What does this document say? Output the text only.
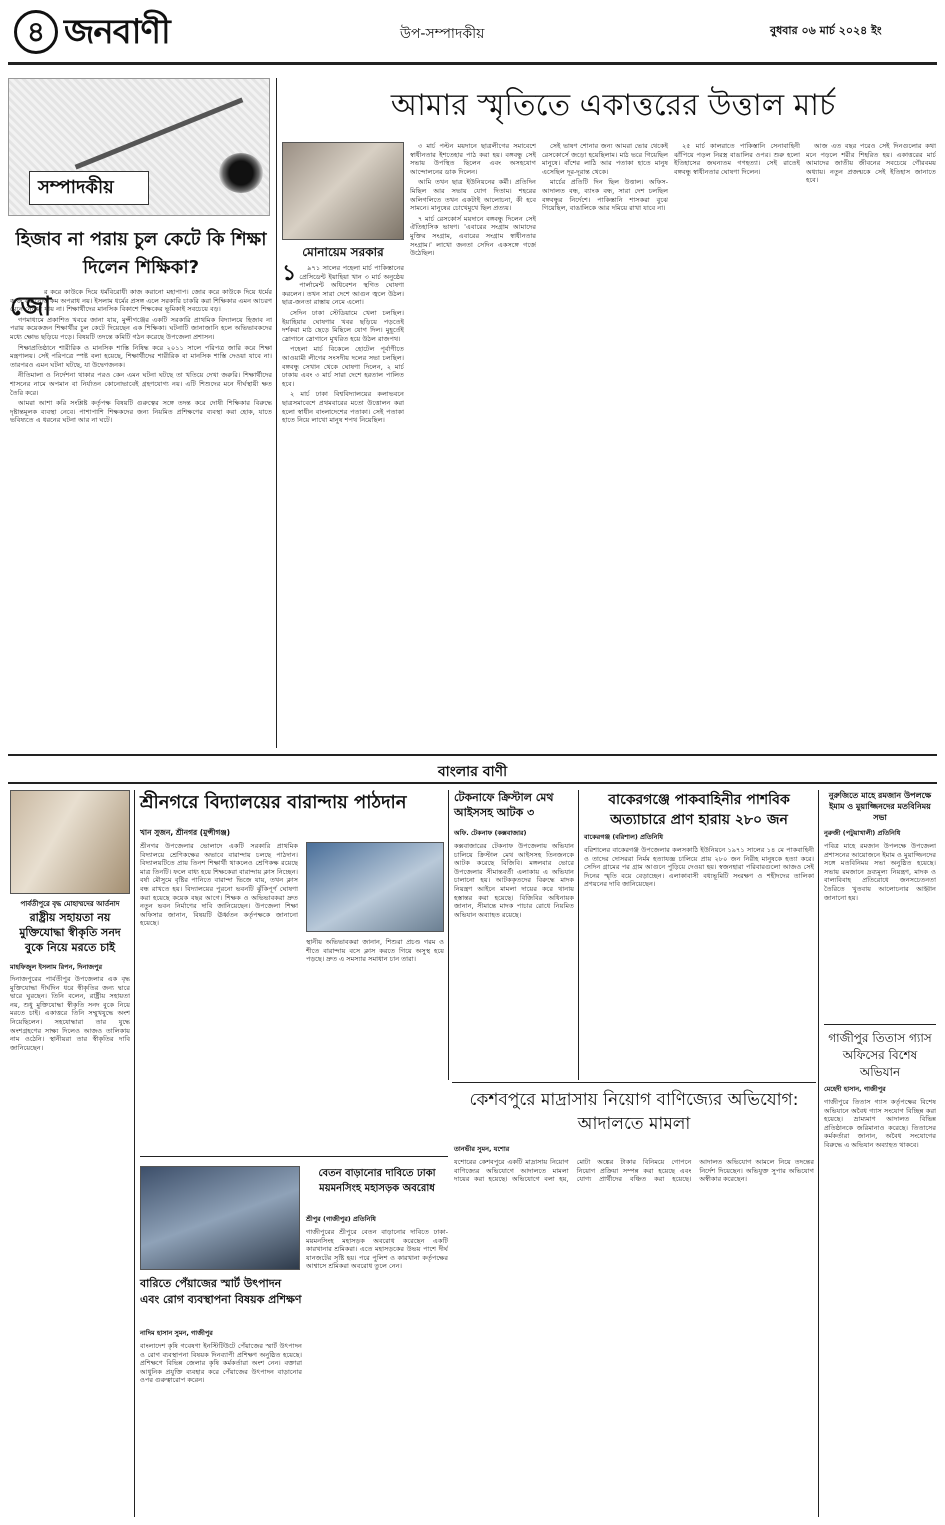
৪ জনবাণী	উপ-সম্পাদকীয়	বুধবার ০৬ মার্চ ২০২৪ ইং
সম্পাদকীয়
হিজাব না পরায় চুল কেটে কি শিক্ষা দিলেন শিক্ষিকা?
জো

র করে কাউকে দিয়ে ধর্মবিরোধী কাজ করানো মহাপাপ। জোর করে কাউকে দিয়ে ধর্মের কাজ করানোও কম অপরাধ নয়। ইসলাম ধর্মের প্রসঙ্গ এলে সরকারি চাকরি করা শিক্ষিকার এমন আচরণ মেনে নেওয়া যায় না। শিক্ষার্থীদের মানসিক বিকাশে শিক্ষকের ভূমিকাই সবচেয়ে বড়।

গণমাধ্যমে প্রকাশিত খবরে জানা যায়, মুন্সীগঞ্জের একটি সরকারি প্রাথমিক বিদ্যালয়ে হিজাব না পরায় কয়েকজন শিক্ষার্থীর চুল কেটে দিয়েছেন এক শিক্ষিকা। ঘটনাটি জানাজানি হলে অভিভাবকদের মধ্যে ক্ষোভ ছড়িয়ে পড়ে। বিষয়টি তদন্তে কমিটি গঠন করেছে উপজেলা প্রশাসন।

শিক্ষাপ্রতিষ্ঠানে শারীরিক ও মানসিক শাস্তি নিষিদ্ধ করে ২০১১ সালে পরিপত্র জারি করে শিক্ষা মন্ত্রণালয়। সেই পরিপত্রে স্পষ্ট বলা হয়েছে, শিক্ষার্থীদের শারীরিক বা মানসিক শাস্তি দেওয়া যাবে না। তারপরও এমন ঘটনা ঘটছে, যা উদ্বেগজনক।

নীতিমালা ও নির্দেশনা থাকার পরও কেন এমন ঘটনা ঘটছে তা খতিয়ে দেখা জরুরি। শিক্ষার্থীদের শাসনের নামে অপমান বা নির্যাতন কোনোভাবেই গ্রহণযোগ্য নয়। এটি শিশুদের মনে দীর্ঘস্থায়ী ক্ষত তৈরি করে।

আমরা আশা করি সংশ্লিষ্ট কর্তৃপক্ষ বিষয়টি গুরুত্বের সঙ্গে তদন্ত করে দোষী শিক্ষিকার বিরুদ্ধে দৃষ্টান্তমূলক ব্যবস্থা নেবে। পাশাপাশি শিক্ষকদের জন্য নিয়মিত প্রশিক্ষণের ব্যবস্থা করা হোক, যাতে ভবিষ্যতে এ ধরনের ঘটনা আর না ঘটে।

আমার স্মৃতিতে একাত্তরের উত্তাল মার্চ
মোনায়েম সরকার
১	৯৭১ সালের পহেলা মার্চ পাকিস্তানের প্রেসিডেন্ট ইয়াহিয়া খান ৩ মার্চ অনুষ্ঠেয় পার্লামেন্ট অধিবেশন স্থগিত ঘোষণা করলেন। তখন সারা দেশে আগুন জ্বলে উঠল। ছাত্র-জনতা রাস্তায় নেমে এলো।

সেদিন ঢাকা স্টেডিয়ামে খেলা চলছিল। ইয়াহিয়ার ঘোষণার খবর ছড়িয়ে পড়তেই দর্শকরা মাঠ ছেড়ে মিছিলে যোগ দিল। মুহূর্তেই স্লোগানে স্লোগানে মুখরিত হয়ে উঠল রাজপথ।

পহেলা মার্চ বিকেলে হোটেল পূর্বাণীতে আওয়ামী লীগের সংসদীয় দলের সভা চলছিল। বঙ্গবন্ধু সেখান থেকে ঘোষণা দিলেন, ২ মার্চ ঢাকায় এবং ৩ মার্চ সারা দেশে হরতাল পালিত হবে।

২ মার্চ ঢাকা বিশ্ববিদ্যালয়ের কলাভবনে ছাত্রসমাবেশে প্রথমবারের মতো উত্তোলন করা হলো স্বাধীন বাংলাদেশের পতাকা। সেই পতাকা হাতে নিয়ে লাখো মানুষ শপথ নিয়েছিল।

৩ মার্চ পল্টন ময়দানে ছাত্রলীগের সমাবেশে স্বাধীনতার ইশতেহার পাঠ করা হয়। বঙ্গবন্ধু সেই সভায় উপস্থিত ছিলেন এবং অসহযোগ আন্দোলনের ডাক দিলেন।

আমি তখন ছাত্র ইউনিয়নের কর্মী। প্রতিদিন মিছিল আর সভায় যোগ দিতাম। শহরের অলিগলিতে তখন একটাই আলোচনা, কী হবে সামনে। মানুষের চোখেমুখে ছিল প্রত্যয়।

৭ মার্চ রেসকোর্স ময়দানে বঙ্গবন্ধু দিলেন সেই ঐতিহাসিক ভাষণ। 'এবারের সংগ্রাম আমাদের মুক্তির সংগ্রাম, এবারের সংগ্রাম স্বাধীনতার সংগ্রাম।' লাখো জনতা সেদিন একসঙ্গে গর্জে উঠেছিল।

সেই ভাষণ শোনার জন্য আমরা ভোর থেকেই রেসকোর্সে জড়ো হয়েছিলাম। মাঠ ভরে গিয়েছিল মানুষে। বাঁশের লাঠি আর পতাকা হাতে মানুষ এসেছিল দূর-দূরান্ত থেকে।

মার্চের প্রতিটি দিন ছিল উত্তাল। অফিস-আদালত বন্ধ, ব্যাংক বন্ধ, সারা দেশ চলছিল বঙ্গবন্ধুর নির্দেশে। পাকিস্তানি শাসকরা বুঝে গিয়েছিল, বাঙালিকে আর দমিয়ে রাখা যাবে না।

২৫ মার্চ কালরাতে পাকিস্তানি সেনাবাহিনী ঝাঁপিয়ে পড়ল নিরস্ত্র বাঙালির ওপর। শুরু হলো ইতিহাসের জঘন্যতম গণহত্যা। সেই রাতেই বঙ্গবন্ধু স্বাধীনতার ঘোষণা দিলেন।

আজ এত বছর পরেও সেই দিনগুলোর কথা মনে পড়লে শরীর শিহরিত হয়। একাত্তরের মার্চ আমাদের জাতীয় জীবনের সবচেয়ে গৌরবময় অধ্যায়। নতুন প্রজন্মকে সেই ইতিহাস জানাতে হবে।

বাংলার বাণী
পার্বতীপুরে বৃদ্ধ মোহাম্মদের আর্তনাদ
রাষ্ট্রীয় সহায়তা নয় মুক্তিযোদ্ধা স্বীকৃতি সনদ বুকে নিয়ে মরতে চাই
মাহফিজুল ইসলাম রিপন, দিনাজপুর
দিনাজপুরের পার্বতীপুর উপজেলার এক বৃদ্ধ মুক্তিযোদ্ধা দীর্ঘদিন ধরে স্বীকৃতির জন্য দ্বারে দ্বারে ঘুরছেন। তিনি বলেন, রাষ্ট্রীয় সহায়তা নয়, শুধু মুক্তিযোদ্ধা স্বীকৃতি সনদ বুকে নিয়ে মরতে চাই। একাত্তরে তিনি সম্মুখযুদ্ধে অংশ নিয়েছিলেন। সহযোদ্ধারা তার যুদ্ধে অংশগ্রহণের সাক্ষ্য দিলেও আজও তালিকায় নাম ওঠেনি। স্থানীয়রা তার স্বীকৃতির দাবি জানিয়েছেন।
শ্রীনগরে বিদ্যালয়ের বারান্দায় পাঠদান
খান সুজন, শ্রীনগর (মুন্সীগঞ্জ)
শ্রীনগর উপজেলার ভোলাদে একটি সরকারি প্রাথমিক বিদ্যালয়ে শ্রেণিকক্ষের অভাবে বারান্দায় চলছে পাঠদান। বিদ্যালয়টিতে প্রায় তিনশ শিক্ষার্থী থাকলেও শ্রেণিকক্ষ রয়েছে মাত্র তিনটি। ফলে বাধ্য হয়ে শিক্ষকেরা বারান্দায় ক্লাস নিচ্ছেন। বর্ষা মৌসুমে বৃষ্টির পানিতে বারান্দা ভিজে যায়, তখন ক্লাস বন্ধ রাখতে হয়। বিদ্যালয়ের পুরনো ভবনটি ঝুঁকিপূর্ণ ঘোষণা করা হয়েছে কয়েক বছর আগে। শিক্ষক ও অভিভাবকরা দ্রুত নতুন ভবন নির্মাণের দাবি জানিয়েছেন। উপজেলা শিক্ষা অফিসার জানান, বিষয়টি ঊর্ধ্বতন কর্তৃপক্ষকে জানানো হয়েছে।
স্থানীয় অভিভাবকরা জানান, শিশুরা প্রচণ্ড গরম ও শীতে বারান্দায় বসে ক্লাস করতে গিয়ে অসুস্থ হয়ে পড়ছে। দ্রুত এ সমস্যার সমাধান চান তারা।
টেকনাফে ক্রিস্টাল মেথ আইসসহ আটক ৩
অফি. টেকনাফ (কক্সবাজার)
কক্সবাজারের টেকনাফ উপজেলায় অভিযান চালিয়ে ক্রিস্টাল মেথ আইসসহ তিনজনকে আটক করেছে বিজিবি। মঙ্গলবার ভোরে উপজেলার সীমান্তবর্তী এলাকায় এ অভিযান চালানো হয়। আটককৃতদের বিরুদ্ধে মাদক নিয়ন্ত্রণ আইনে মামলা দায়ের করে থানায় হস্তান্তর করা হয়েছে। বিজিবির অধিনায়ক জানান, সীমান্তে মাদক পাচার রোধে নিয়মিত অভিযান অব্যাহত রয়েছে।
বাকেরগঞ্জে পাকবাহিনীর পাশবিক অত্যাচারে প্রাণ হারায় ২৮০ জন
বাকেরগঞ্জ (বরিশাল) প্রতিনিধি
বরিশালের বাকেরগঞ্জ উপজেলার কলসকাঠি ইউনিয়নে ১৯৭১ সালের ১৪ মে পাকবাহিনী ও তাদের দোসররা নির্মম হত্যাযজ্ঞ চালিয়ে প্রায় ২৮০ জন নিরীহ মানুষকে হত্যা করে। সেদিন গ্রামের পর গ্রাম আগুনে পুড়িয়ে দেওয়া হয়। স্বজনহারা পরিবারগুলো আজও সেই দিনের স্মৃতি বয়ে বেড়াচ্ছেন। এলাকাবাসী বধ্যভূমিটি সংরক্ষণ ও শহীদদের তালিকা প্রণয়নের দাবি জানিয়েছেন।
নুরুজিতে মাহে রমজান উপলক্ষে ইমাম ও মুয়াজ্জিনদের মতবিনিময় সভা
নুরুজী (পটুয়াখালী) প্রতিনিধি
পবিত্র মাহে রমজান উপলক্ষে উপজেলা প্রশাসনের আয়োজনে ইমাম ও মুয়াজ্জিনদের সঙ্গে মতবিনিময় সভা অনুষ্ঠিত হয়েছে। সভায় রমজানে দ্রব্যমূল্য নিয়ন্ত্রণ, মাদক ও বাল্যবিবাহ প্রতিরোধে জনসচেতনতা তৈরিতে খুতবায় আলোচনার আহ্বান জানানো হয়।
গাজীপুর তিতাস গ্যাস অফিসের বিশেষ অভিযান
মেহেদী হাসান, গাজীপুর
গাজীপুরে তিতাস গ্যাস কর্তৃপক্ষের বিশেষ অভিযানে অবৈধ গ্যাস সংযোগ বিচ্ছিন্ন করা হয়েছে। ভ্রাম্যমাণ আদালত বিভিন্ন প্রতিষ্ঠানকে জরিমানাও করেছে। তিতাসের কর্মকর্তারা জানান, অবৈধ সংযোগের বিরুদ্ধে এ অভিযান অব্যাহত থাকবে।
বেতন বাড়ানোর দাবিতে ঢাকা ময়মনসিংহ মহাসড়ক অবরোধ
শ্রীপুর (গাজীপুর) প্রতিনিধি
গাজীপুরের শ্রীপুরে বেতন বাড়ানোর দাবিতে ঢাকা-ময়মনসিংহ মহাসড়ক অবরোধ করেছেন একটি কারখানার শ্রমিকরা। এতে মহাসড়কের উভয় পাশে দীর্ঘ যানজটের সৃষ্টি হয়। পরে পুলিশ ও কারখানা কর্তৃপক্ষের আশ্বাসে শ্রমিকরা অবরোধ তুলে নেন।
বারিতে পেঁয়াজের স্মার্ট উৎপাদন এবং রোগ ব্যবস্থাপনা বিষয়ক প্রশিক্ষণ
নাদিম হাসান সুমন, গাজীপুর
বাংলাদেশ কৃষি গবেষণা ইনস্টিটিউটে পেঁয়াজের স্মার্ট উৎপাদন ও রোগ ব্যবস্থাপনা বিষয়ক দিনব্যাপী প্রশিক্ষণ অনুষ্ঠিত হয়েছে। প্রশিক্ষণে বিভিন্ন জেলার কৃষি কর্মকর্তারা অংশ নেন। বক্তারা আধুনিক প্রযুক্তি ব্যবহার করে পেঁয়াজের উৎপাদন বাড়ানোর ওপর গুরুত্বারোপ করেন।
কেশবপুরে মাদ্রাসায় নিয়োগ বাণিজ্যের অভিযোগ: আদালতে মামলা
তানভীর সুমন, যশোর
যশোরের কেশবপুরে একটি মাদ্রাসায় নিয়োগ বাণিজ্যের অভিযোগে আদালতে মামলা দায়ের করা হয়েছে। অভিযোগে বলা হয়, মোটা অঙ্কের টাকার বিনিময়ে গোপনে নিয়োগ প্রক্রিয়া সম্পন্ন করা হয়েছে এবং যোগ্য প্রার্থীদের বঞ্চিত করা হয়েছে। আদালত অভিযোগ আমলে নিয়ে তদন্তের নির্দেশ দিয়েছেন। অভিযুক্ত সুপার অভিযোগ অস্বীকার করেছেন।
